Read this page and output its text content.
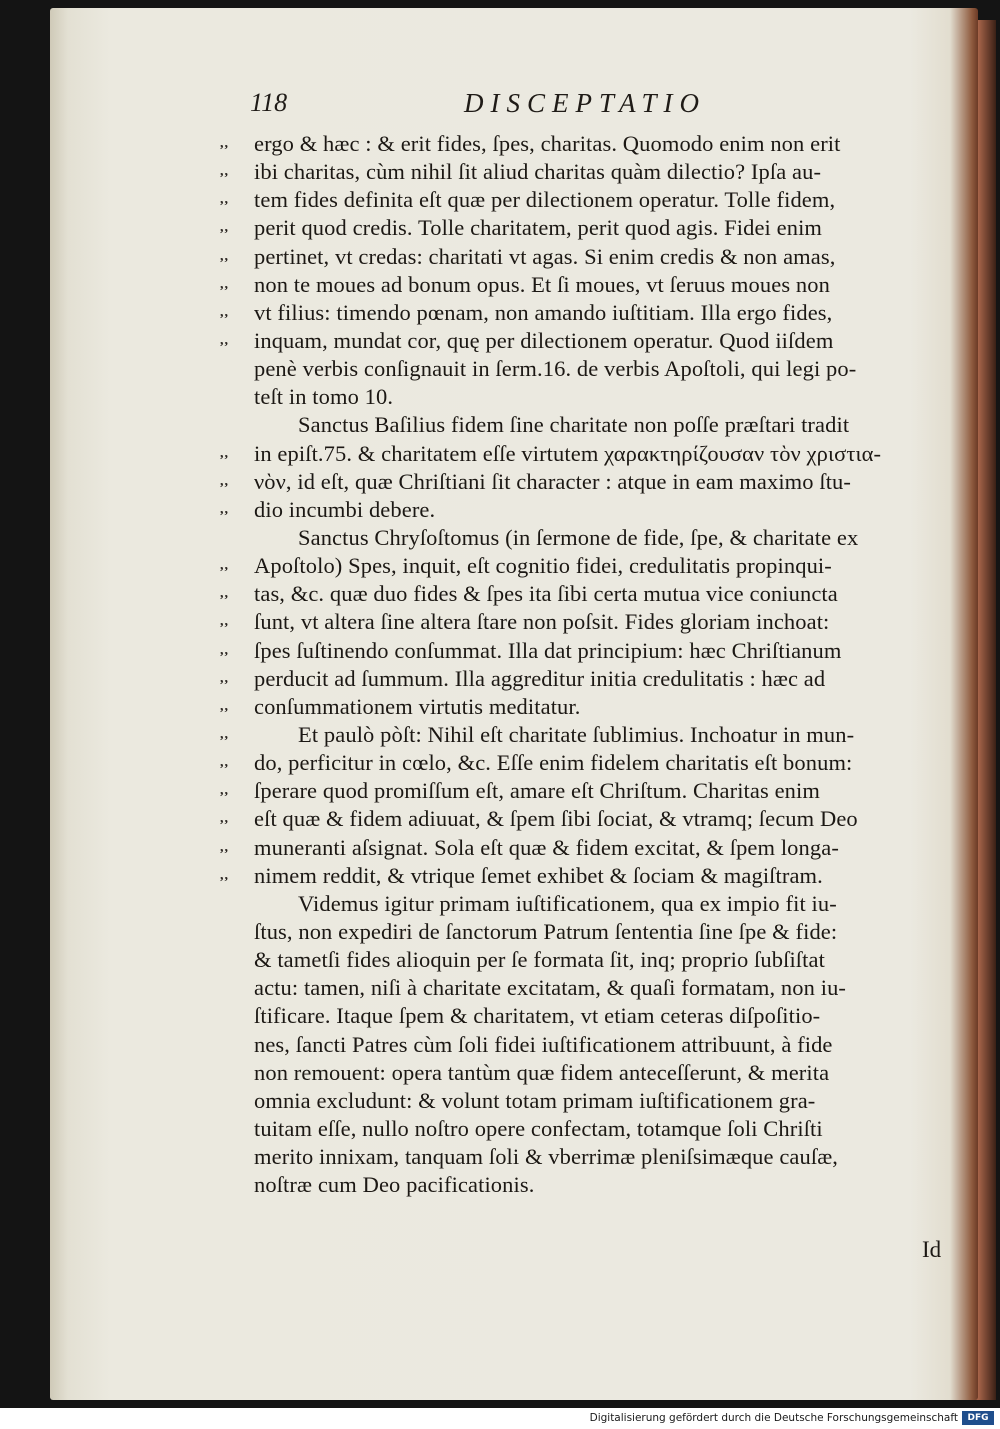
118	DISCEPTATIO
,,	ergo & hæc : & erit fides, ſpes, charitas. Quomodo enim non erit
,,	ibi charitas, cùm nihil ſit aliud charitas quàm dilectio? Ipſa au-
,,	tem fides definita eſt quæ per dilectionem operatur. Tolle fidem,
,,	perit quod credis. Tolle charitatem, perit quod agis. Fidei enim
,,	pertinet, vt credas: charitati vt agas. Si enim credis & non amas,
,,	non te moues ad bonum opus. Et ſi moues, vt ſeruus moues non
,,	vt filius: timendo pœnam, non amando iuſtitiam. Illa ergo fides,
,,	inquam, mundat cor, quę per dilectionem operatur. Quod iiſdem
penè verbis conſignauit in ſerm.16. de verbis Apoſtoli, qui legi po-
teſt in tomo 10.
Sanctus Baſilius fidem ſine charitate non poſſe præſtari tradit
,,	in epiſt.75. & charitatem eſſe virtutem χαρακτηρίζουσαν τὸν χριστια-
,,	νὸν, id eſt, quæ Chriſtiani ſit character : atque in eam maximo ſtu-
,,	dio incumbi debere.
Sanctus Chryſoſtomus (in ſermone de fide, ſpe, & charitate ex
,,	Apoſtolo) Spes, inquit, eſt cognitio fidei, credulitatis propinqui-
,,	tas, &c. quæ duo fides & ſpes ita ſibi certa mutua vice coniuncta
,,	ſunt, vt altera ſine altera ſtare non poſsit. Fides gloriam inchoat:
,,	ſpes ſuſtinendo conſummat. Illa dat principium: hæc Chriſtianum
,,	perducit ad ſummum. Illa aggreditur initia credulitatis : hæc ad
,,	conſummationem virtutis meditatur.
,,	Et paulò pòſt: Nihil eſt charitate ſublimius. Inchoatur in mun-
,,	do, perficitur in cœlo, &c. Eſſe enim fidelem charitatis eſt bonum:
,,	ſperare quod promiſſum eſt, amare eſt Chriſtum. Charitas enim
,,	eſt quæ & fidem adiuuat, & ſpem ſibi ſociat, & vtramq; ſecum Deo
,,	muneranti aſsignat. Sola eſt quæ & fidem excitat, & ſpem longa-
,,	nimem reddit, & vtrique ſemet exhibet & ſociam & magiſtram.
Videmus igitur primam iuſtificationem, qua ex impio fit iu-
ſtus, non expediri de ſanctorum Patrum ſententia ſine ſpe & fide:
& tametſi fides alioquin per ſe formata ſit, inq; proprio ſubſiſtat
actu: tamen, niſi à charitate excitatam, & quaſi formatam, non iu-
ſtificare. Itaque ſpem & charitatem, vt etiam ceteras diſpoſitio-
nes, ſancti Patres cùm ſoli fidei iuſtificationem attribuunt, à fide
non remouent: opera tantùm quæ fidem anteceſſerunt, & merita
omnia excludunt: & volunt totam primam iuſtificationem gra-
tuitam eſſe, nullo noſtro opere confectam, totamque ſoli Chriſti
merito innixam, tanquam ſoli & vberrimæ pleniſsimæque cauſæ,
noſtræ cum Deo pacificationis.
Id
Digitalisierung gefördert durch die Deutsche Forschungsgemeinschaft	DFG
